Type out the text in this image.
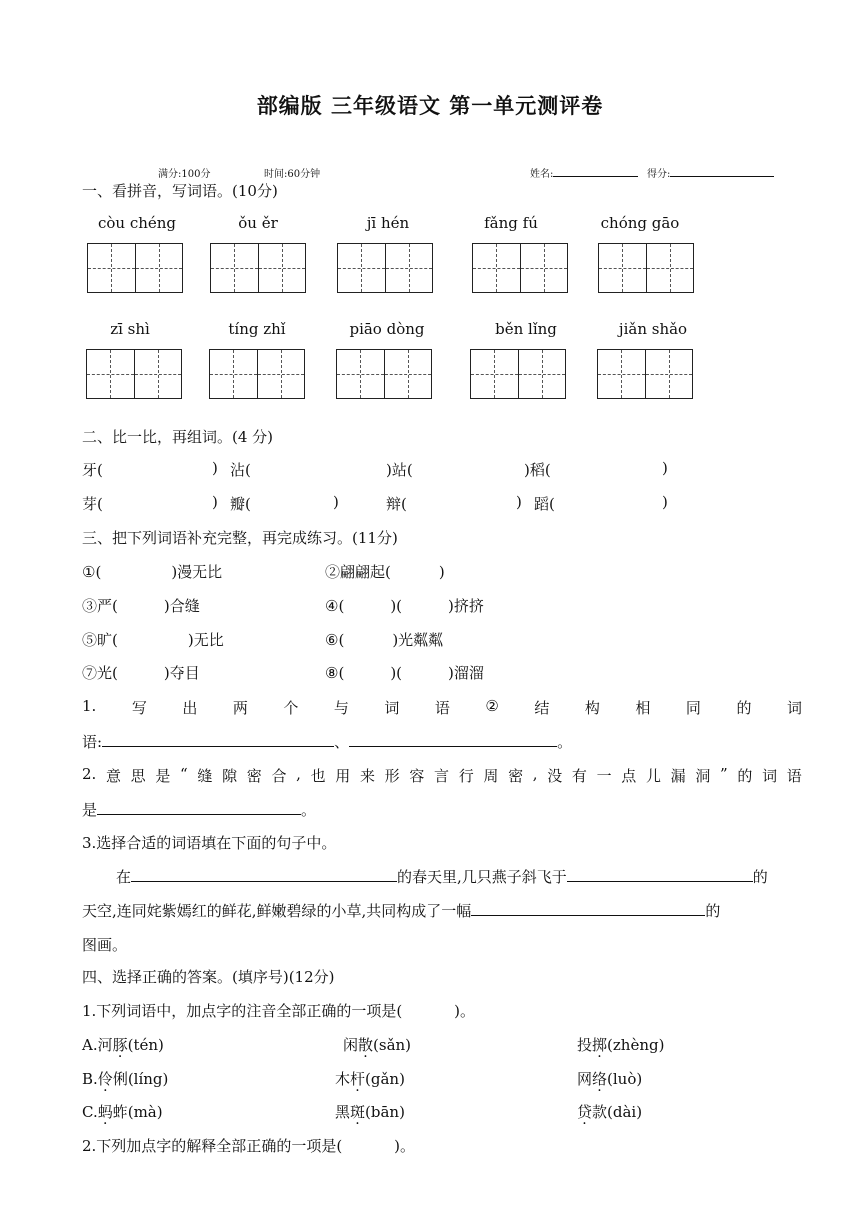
部编版 三年级语文 第一单元测评卷
满分:100分	时间:60分钟	姓名:	得分:
一、看拼音，写词语。(10分)
còu chéng	ǒu ěr	jī hén	fǎng fú	chóng gāo
zī shì	tíng zhǐ	piāo dòng	běn lǐng	jiǎn shǎo
二、比一比，再组词。(4 分)
牙(	) 沾(	)站(	)稻(	)
芽(	) 瓣(	)	辩(	) 蹈(	)
三、把下列词语补充完整，再完成练习。(11分)
①(	)漫无比	②翩翩起(	)
③严(	)合缝	④(	)(	)挤挤
⑤旷(	)无比	⑥(	)光粼粼
⑦光(	)夺目	⑧(	)(	)溜溜
1. 写 出 两 个 与 词 语 ② 结 构 相 同 的 词
语:	、	。
2. 意 思 是 “ 缝 隙 密 合 , 也 用 来 形 容 言 行 周 密 , 没 有 一 点 儿 漏 洞 ” 的 词 语
是	。
3.选择合适的词语填在下面的句子中。
在	的春天里,几只燕子斜飞于	的
天空,连同姹紫嫣红的鲜花,鲜嫩碧绿的小草,共同构成了一幅	的
图画。
四、选择正确的答案。(填序号)(12分)
1.下列词语中，加点字的注音全部正确的一项是(	)。
A.河豚(tén)	闲散(sǎn)	投掷(zhèng)
B.伶俐(líng)	木杆(gǎn)	网络(luò)
C.蚂蚱(mà)	黑斑(bān)	贷款(dài)
2.下列加点字的解释全部正确的一项是(	)。
